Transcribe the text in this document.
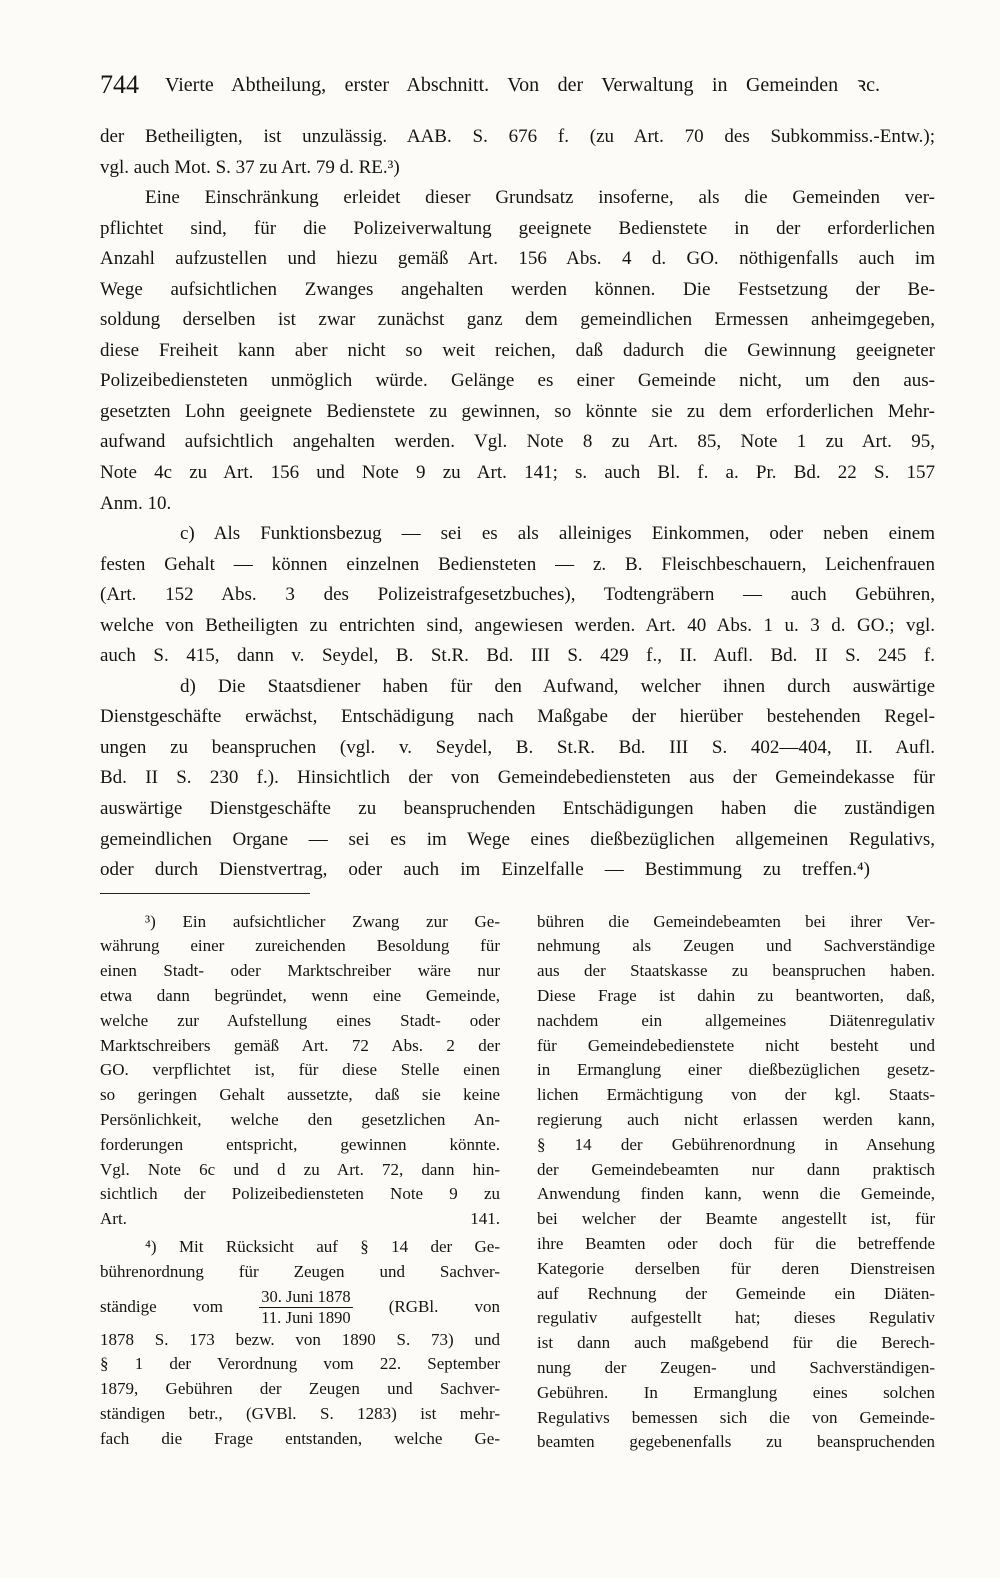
744 Vierte Abtheilung, erster Abschnitt. Von der Verwaltung in Gemeinden ꝛc.
der Betheiligten, ist unzulässig. AAB. S. 676 f. (zu Art. 70 des Subkommiss.-Entw.);
vgl. auch Mot. S. 37 zu Art. 79 d. RE.³)
Eine Einschränkung erleidet dieser Grundsatz insoferne, als die Gemeinden ver-
pflichtet sind, für die Polizeiverwaltung geeignete Bedienstete in der erforderlichen
Anzahl aufzustellen und hiezu gemäß Art. 156 Abs. 4 d. GO. nöthigenfalls auch im
Wege aufsichtlichen Zwanges angehalten werden können. Die Festsetzung der Be-
soldung derselben ist zwar zunächst ganz dem gemeindlichen Ermessen anheimgegeben,
diese Freiheit kann aber nicht so weit reichen, daß dadurch die Gewinnung geeigneter
Polizeibediensteten unmöglich würde. Gelänge es einer Gemeinde nicht, um den aus-
gesetzten Lohn geeignete Bedienstete zu gewinnen, so könnte sie zu dem erforderlichen Mehr-
aufwand aufsichtlich angehalten werden. Vgl. Note 8 zu Art. 85, Note 1 zu Art. 95,
Note 4c zu Art. 156 und Note 9 zu Art. 141; s. auch Bl. f. a. Pr. Bd. 22 S. 157
Anm. 10.
c) Als Funktionsbezug — sei es als alleiniges Einkommen, oder neben einem
festen Gehalt — können einzelnen Bediensteten — z. B. Fleischbeschauern, Leichenfrauen
(Art. 152 Abs. 3 des Polizeistrafgesetzbuches), Todtengräbern — auch Gebühren,
welche von Betheiligten zu entrichten sind, angewiesen werden. Art. 40 Abs. 1 u. 3 d. GO.; vgl.
auch S. 415, dann v. Seydel, B. St.R. Bd. III S. 429 f., II. Aufl. Bd. II S. 245 f.
d) Die Staatsdiener haben für den Aufwand, welcher ihnen durch auswärtige
Dienstgeschäfte erwächst, Entschädigung nach Maßgabe der hierüber bestehenden Regel-
ungen zu beanspruchen (vgl. v. Seydel, B. St.R. Bd. III S. 402—404, II. Aufl.
Bd. II S. 230 f.). Hinsichtlich der von Gemeindebediensteten aus der Gemeindekasse für
auswärtige Dienstgeschäfte zu beanspruchenden Entschädigungen haben die zuständigen
gemeindlichen Organe — sei es im Wege eines dießbezüglichen allgemeinen Regulativs,
oder durch Dienstvertrag, oder auch im Einzelfalle — Bestimmung zu treffen.⁴)
³) Ein aufsichtlicher Zwang zur Ge-
währung einer zureichenden Besoldung für
einen Stadt- oder Marktschreiber wäre nur
etwa dann begründet, wenn eine Gemeinde,
welche zur Aufstellung eines Stadt- oder
Marktschreibers gemäß Art. 72 Abs. 2 der
GO. verpflichtet ist, für diese Stelle einen
so geringen Gehalt aussetzte, daß sie keine
Persönlichkeit, welche den gesetzlichen An-
forderungen entspricht, gewinnen könnte.
Vgl. Note 6c und d zu Art. 72, dann hin-
sichtlich der Polizeibediensteten Note 9 zu
Art. 141.
⁴) Mit Rücksicht auf § 14 der Ge-
bührenordnung für Zeugen und Sachver-
ständige vom $\frac{\text{30. Juni 1878}}{\text{11. Juni 1890}}$ (RGBl. von
1878 S. 173 bezw. von 1890 S. 73) und
§ 1 der Verordnung vom 22. September
1879, Gebühren der Zeugen und Sachver-
ständigen betr., (GVBl. S. 1283) ist mehr-
fach die Frage entstanden, welche Ge-
bühren die Gemeindebeamten bei ihrer Ver-
nehmung als Zeugen und Sachverständige
aus der Staatskasse zu beanspruchen haben.
Diese Frage ist dahin zu beantworten, daß,
nachdem ein allgemeines Diätenregulativ
für Gemeindebedienstete nicht besteht und
in Ermanglung einer dießbezüglichen gesetz-
lichen Ermächtigung von der kgl. Staats-
regierung auch nicht erlassen werden kann,
§ 14 der Gebührenordnung in Ansehung
der Gemeindebeamten nur dann praktisch
Anwendung finden kann, wenn die Gemeinde,
bei welcher der Beamte angestellt ist, für
ihre Beamten oder doch für die betreffende
Kategorie derselben für deren Dienstreisen
auf Rechnung der Gemeinde ein Diäten-
regulativ aufgestellt hat; dieses Regulativ
ist dann auch maßgebend für die Berech-
nung der Zeugen- und Sachverständigen-
Gebühren. In Ermanglung eines solchen
Regulativs bemessen sich die von Gemeinde-
beamten gegebenenfalls zu beanspruchenden
